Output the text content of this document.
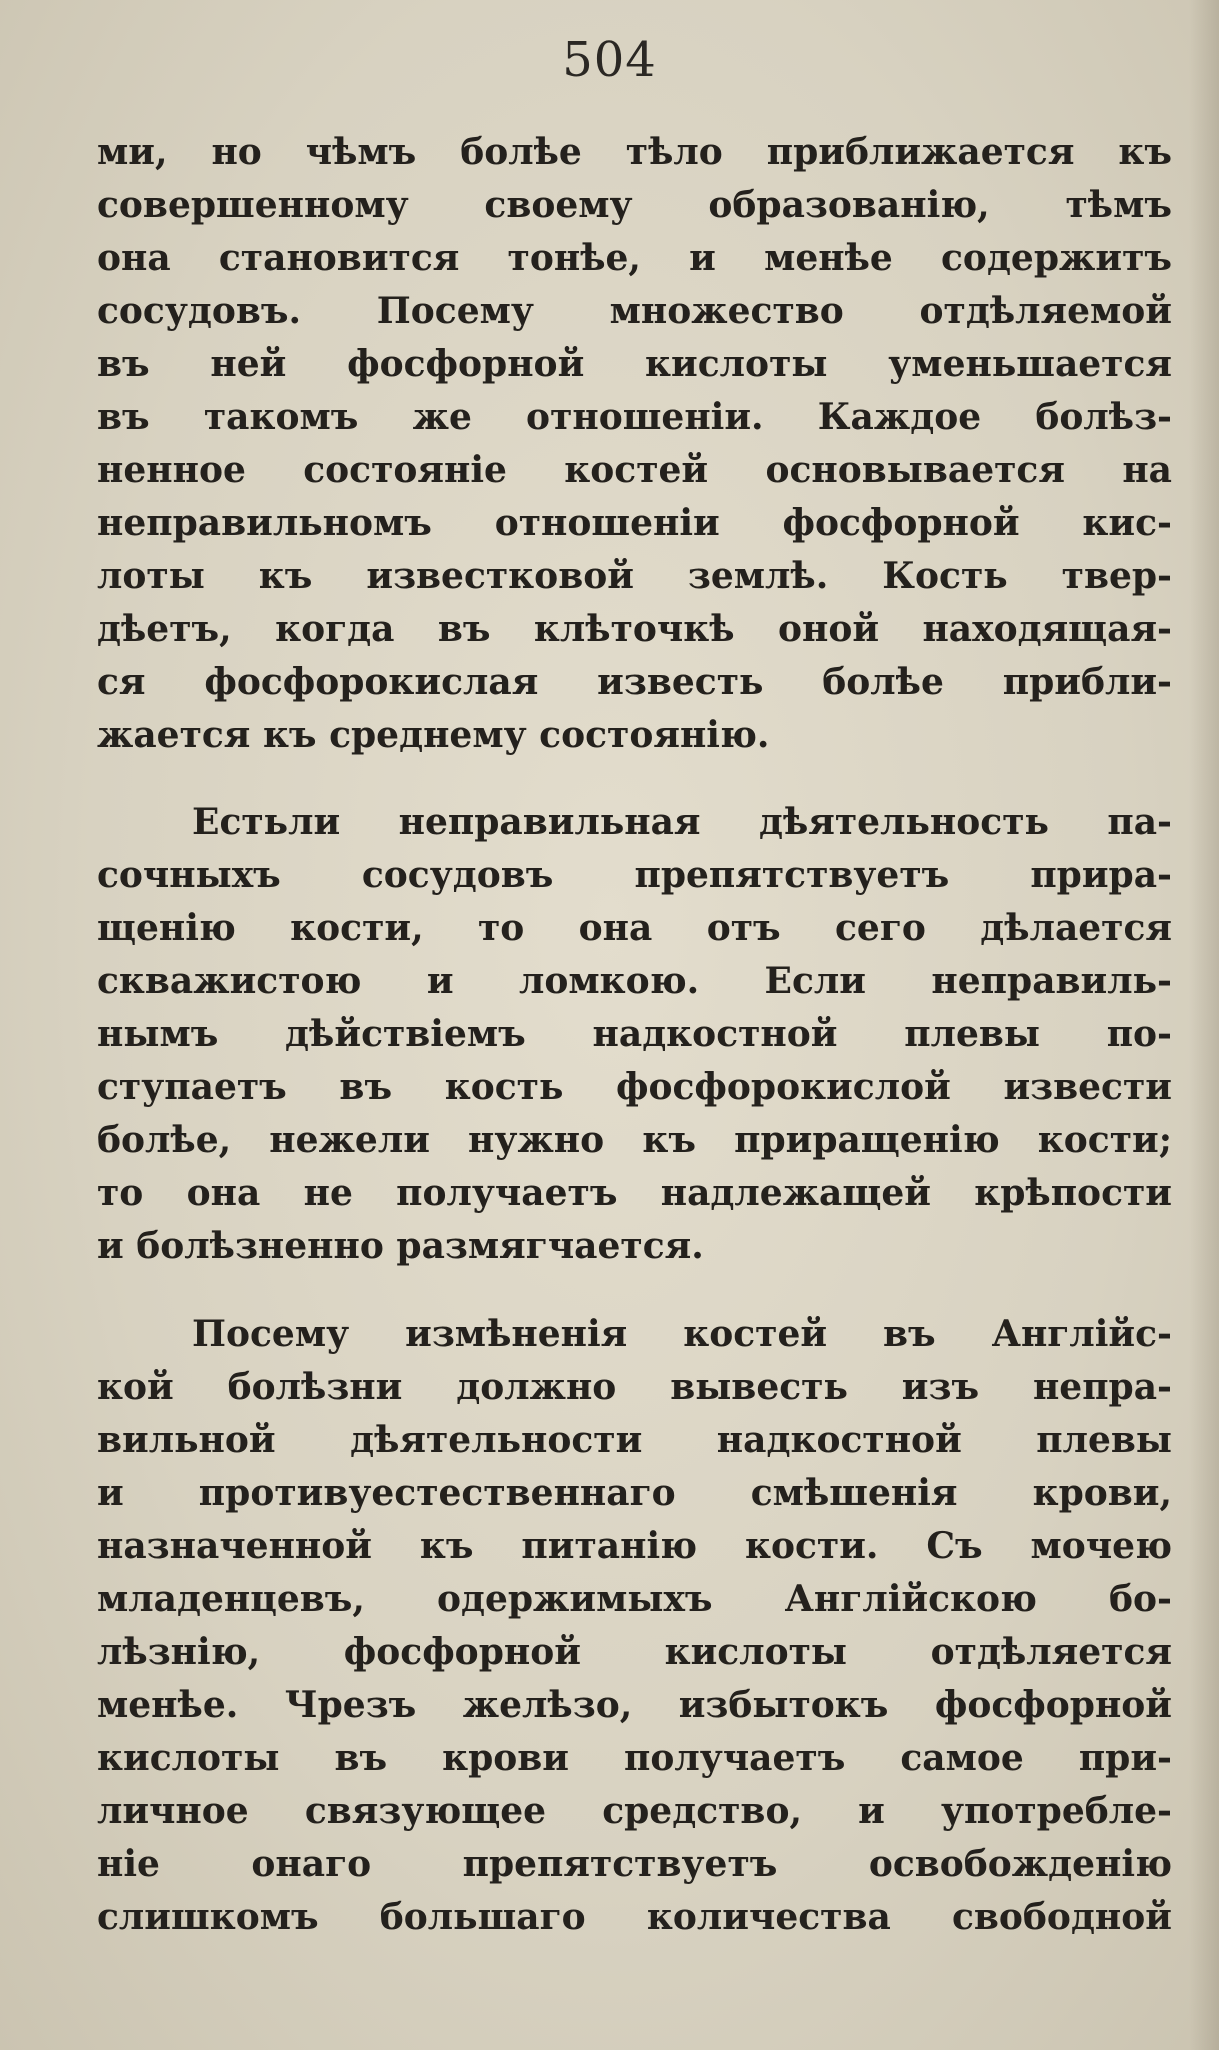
504
ми, но чѣмъ болѣе тѣло приближается къ
совершенному своему образованію, тѣмъ
она становится тонѣе, и менѣе содержитъ
сосудовъ. Посему множество отдѣляемой
въ ней фосфорной кислоты уменьшается
въ такомъ же отношеніи. Каждое болѣз-
ненное состояніе костей основывается на
неправильномъ отношеніи фосфорной кис-
лоты къ известковой землѣ. Кость твер-
дѣетъ, когда въ клѣточкѣ оной находящая-
ся фосфорокислая известь болѣе прибли-
жается къ среднему состоянію.
Естьли неправильная дѣятельность па-
сочныхъ сосудовъ препятствуетъ прира-
щенію кости, то она отъ сего дѣлается
скважистою и ломкою. Если неправиль-
нымъ дѣйствіемъ надкостной плевы по-
ступаетъ въ кость фосфорокислой извести
болѣе, нежели нужно къ приращенію кости;
то она не получаетъ надлежащей крѣпости
и болѣзненно размягчается.
Посему измѣненія костей въ Англійс-
кой болѣзни должно вывесть изъ непра-
вильной дѣятельности надкостной плевы
и противуестественнаго смѣшенія крови,
назначенной къ питанію кости. Съ мочею
младенцевъ, одержимыхъ Англійскою бо-
лѣзнію, фосфорной кислоты отдѣляется
менѣе. Чрезъ желѣзо, избытокъ фосфорной
кислоты въ крови получаетъ самое при-
личное связующее средство, и употребле-
ніе онаго препятствуетъ освобожденію
слишкомъ большаго количества свободной
